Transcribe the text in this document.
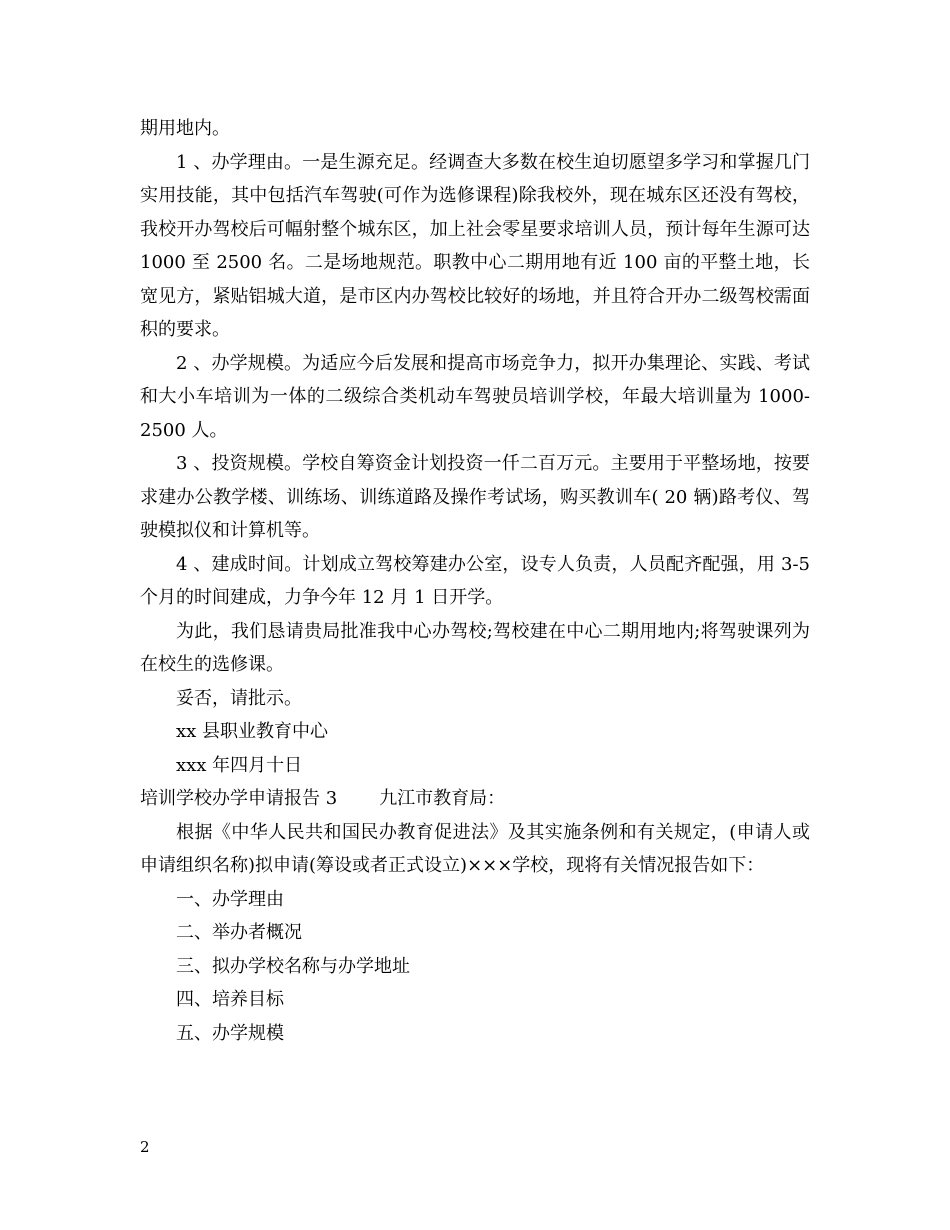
期用地内。

1 、办学理由。一是生源充足。经调查大多数在校生迫切愿望多学习和掌握几门实用技能，其中包括汽车驾驶(可作为选修课程)除我校外，现在城东区还没有驾校，我校开办驾校后可幅射整个城东区，加上社会零星要求培训人员，预计每年生源可达 1000 至 2500 名。二是场地规范。职教中心二期用地有近 100 亩的平整土地，长宽见方，紧贴铝城大道，是市区内办驾校比较好的场地，并且符合开办二级驾校需面积的要求。

2 、办学规模。为适应今后发展和提高市场竞争力，拟开办集理论、实践、考试和大小车培训为一体的二级综合类机动车驾驶员培训学校，年最大培训量为 1000-2500 人。

3 、投资规模。学校自筹资金计划投资一仟二百万元。主要用于平整场地，按要求建办公教学楼、训练场、训练道路及操作考试场，购买教训车( 20 辆)路考仪、驾驶模拟仪和计算机等。

4 、建成时间。计划成立驾校筹建办公室，设专人负责，人员配齐配强，用 3-5 个月的时间建成，力争今年 12 月 1 日开学。

为此，我们恳请贵局批准我中心办驾校;驾校建在中心二期用地内;将驾驶课列为在校生的选修课。

妥否，请批示。
xx 县职业教育中心
xxx 年四月十日
培训学校办学申请报告 3 九江市教育局：

根据《中华人民共和国民办教育促进法》及其实施条例和有关规定，(申请人或申请组织名称)拟申请(筹设或者正式设立)×××学校，现将有关情况报告如下：

一、办学理由
二、举办者概况
三、拟办学校名称与办学地址
四、培养目标
五、办学规模
2
